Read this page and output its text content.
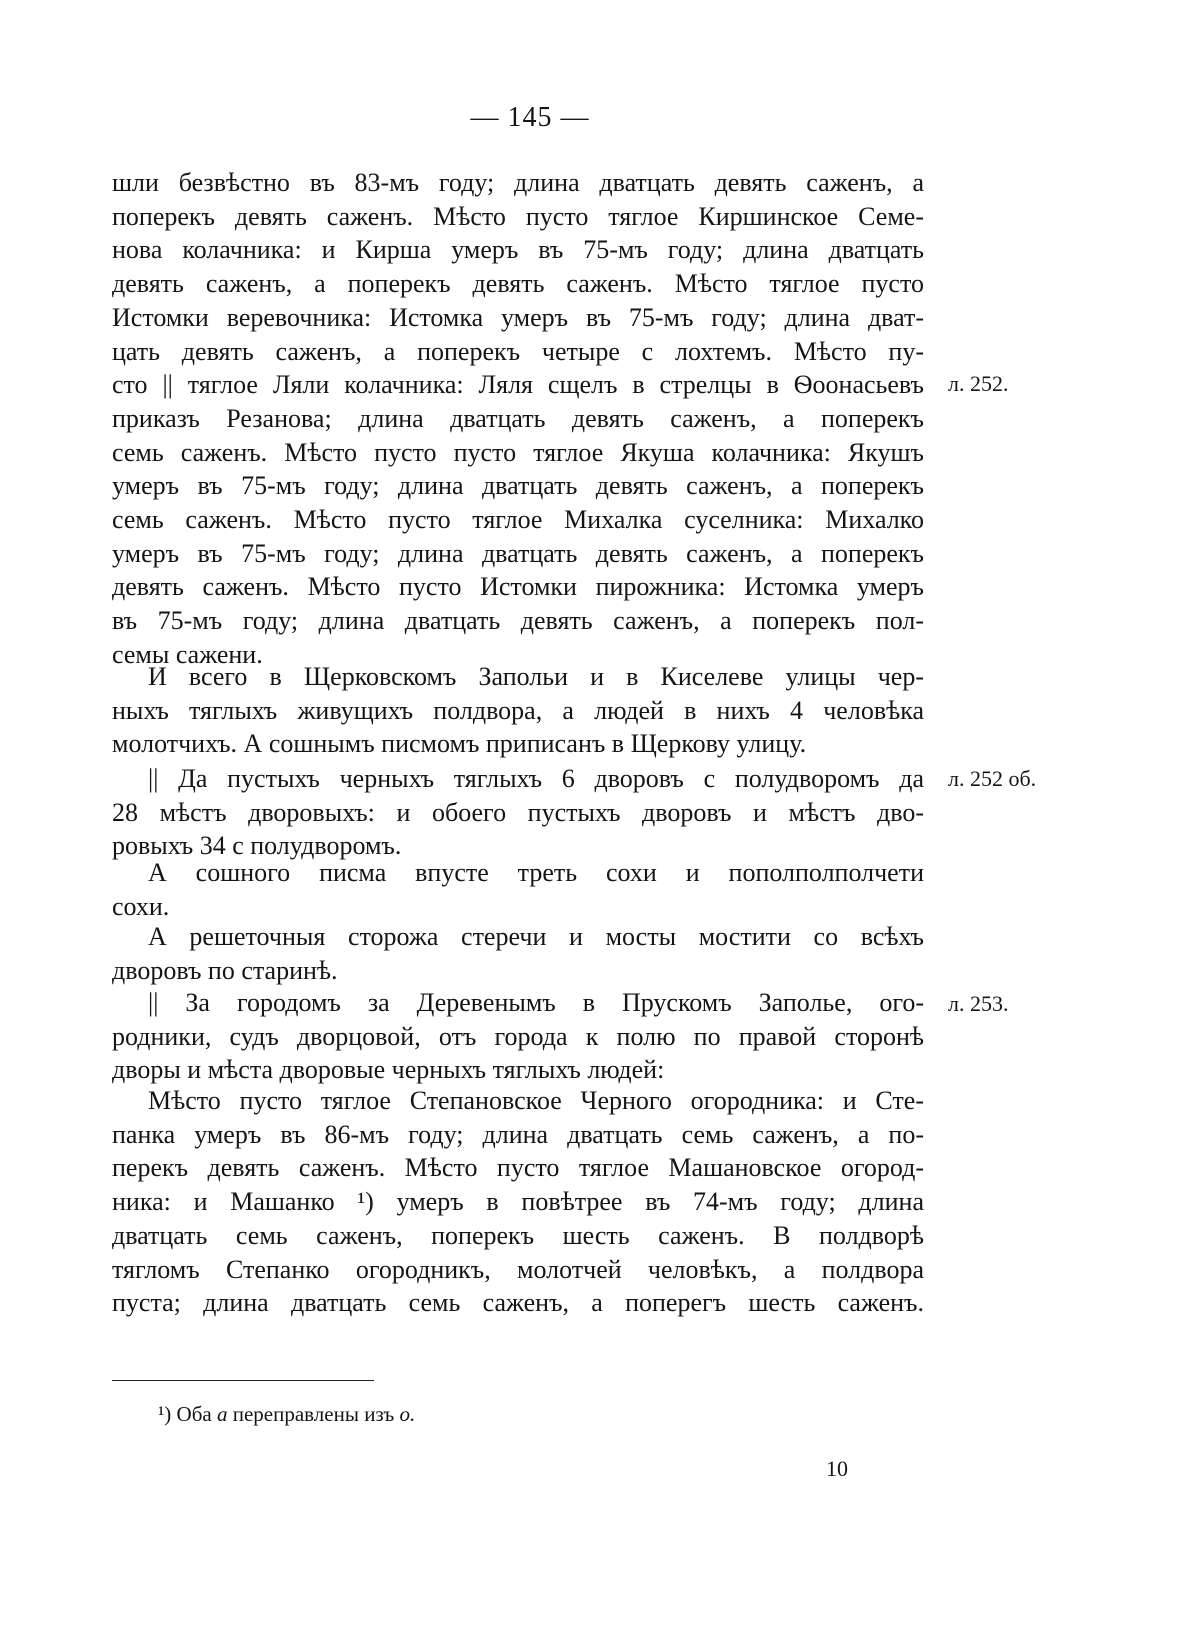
— 145 —
шли безвѣстно въ 83-мъ году; длина дватцать девять саженъ, а
поперекъ девять саженъ. Мѣсто пусто тяглое Киршинское Семе-
нова колачника: и Кирша умеръ въ 75-мъ году; длина дватцать
девять саженъ, а поперекъ девять саженъ. Мѣсто тяглое пусто
Истомки веревочника: Истомка умеръ въ 75-мъ году; длина дват-
цать девять саженъ, а поперекъ четыре с лохтемъ. Мѣсто пу-
сто || тяглое Ляли колачника: Ляля сщелъ в стрелцы в Ѳоонасьевъ
приказъ Резанова; длина дватцать девять саженъ, а поперекъ
семь саженъ. Мѣсто пусто пусто тяглое Якуша колачника: Якушъ
умеръ въ 75-мъ году; длина дватцать девять саженъ, а поперекъ
семь саженъ. Мѣсто пусто тяглое Михалка суселника: Михалко
умеръ въ 75-мъ году; длина дватцать девять саженъ, а поперекъ
девять саженъ. Мѣсто пусто Истомки пирожника: Истомка умеръ
въ 75-мъ году; длина дватцать девять саженъ, а поперекъ пол-
семы сажени.
И всего в Щерковскомъ Запольи и в Киселеве улицы чер-
ныхъ тяглыхъ живущихъ полдвора, а людей в нихъ 4 человѣка
молотчихъ. А сошнымъ писмомъ приписанъ в Щеркову улицу.
|| Да пустыхъ черныхъ тяглыхъ 6 дворовъ с полудворомъ да
28 мѣстъ дворовыхъ: и обоего пустыхъ дворовъ и мѣстъ дво-
ровыхъ 34 с полудворомъ.
А сошного писма впусте треть сохи и пополполполчети
сохи.
А решеточныя сторожа стеречи и мосты мостити со всѣхъ
дворовъ по старинѣ.
|| За городомъ за Деревенымъ в Прускомъ Заполье, ого-
родники, судъ дворцовой, отъ города к полю по правой сторонѣ
дворы и мѣста дворовые черныхъ тяглыхъ людей:
Мѣсто пусто тяглое Степановское Черного огородника: и Сте-
панка умеръ въ 86-мъ году; длина дватцать семь саженъ, а по-
перекъ девять саженъ. Мѣсто пусто тяглое Машановское огород-
ника: и Машанко ¹) умеръ в повѣтрее въ 74-мъ году; длина
дватцать семь саженъ, поперекъ шесть саженъ. В полдворѣ
тягломъ Степанко огородникъ, молотчей человѣкъ, а полдвора
пуста; длина дватцать семь саженъ, а поперегъ шесть саженъ.
л. 252.
л. 252 об.
л. 253.
¹) Оба а переправлены изъ о.
10
